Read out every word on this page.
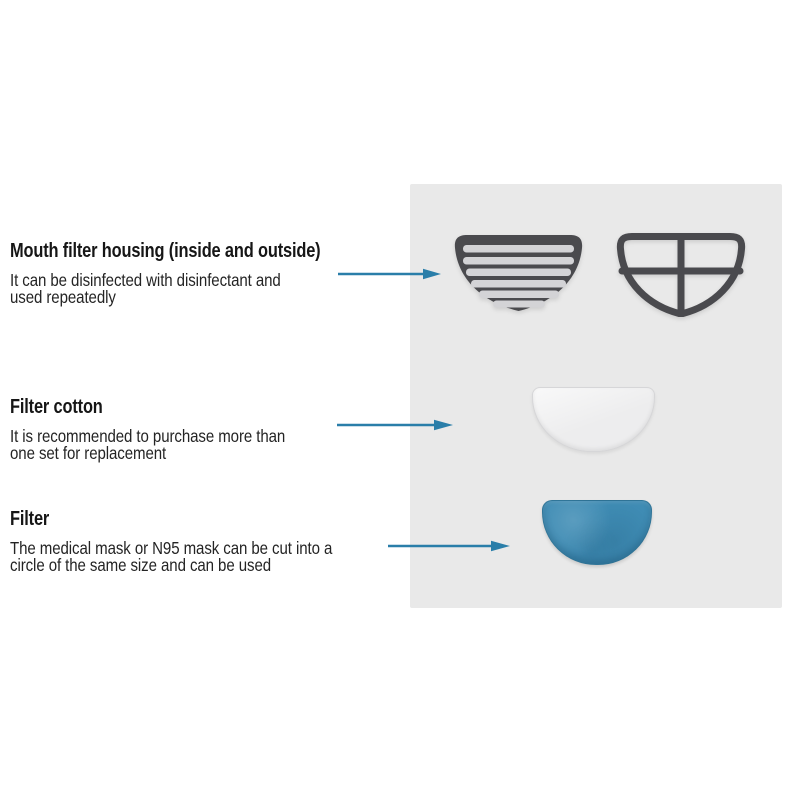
Mouth filter housing (inside and outside)
It can be disinfected with disinfectant and
used repeatedly
Filter cotton
It is recommended to purchase more than
one set for replacement
Filter
The medical mask or N95 mask can be cut into a
circle of the same size and can be used
